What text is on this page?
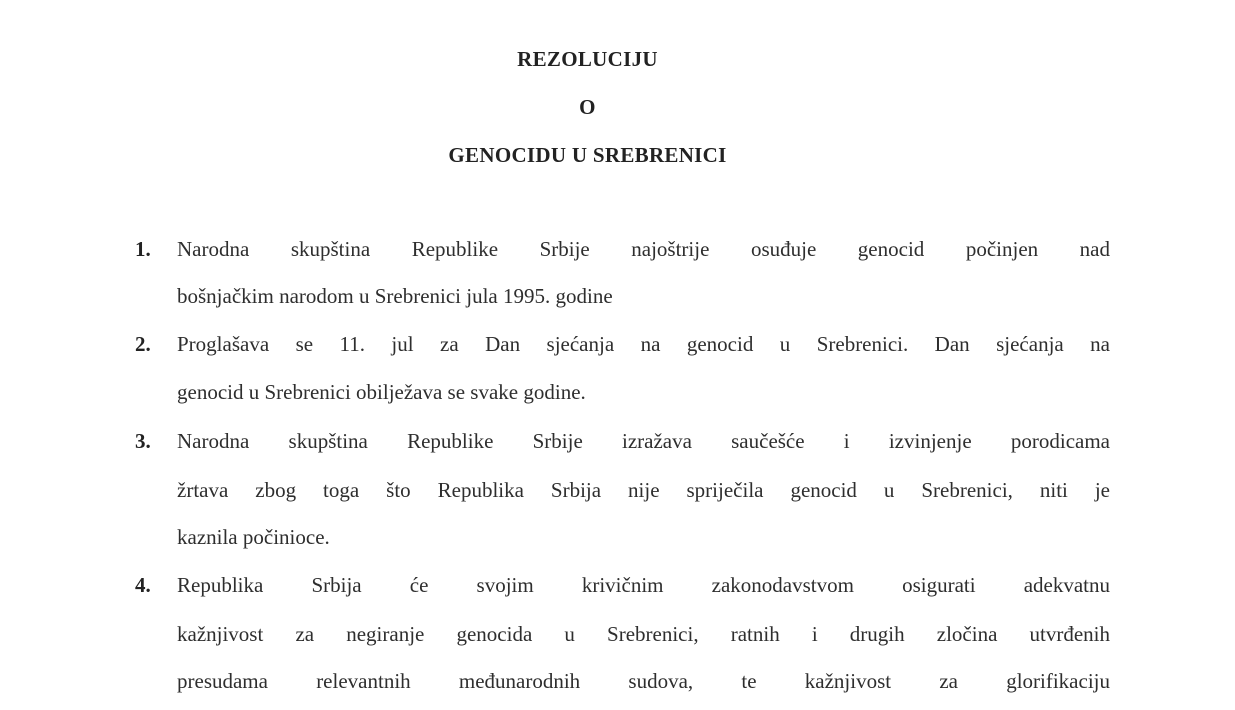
REZOLUCIJU
O
GENOCIDU U SREBRENICI
1. Narodna skupština Republike Srbije najoštrije osuđuje genocid počinjen nad
bošnjačkim narodom u Srebrenici jula 1995. godine
2. Proglašava se 11. jul za Dan sjećanja na genocid u Srebrenici. Dan sjećanja na
genocid u Srebrenici obilježava se svake godine.
3. Narodna skupština Republike Srbije izražava saučešće i izvinjenje porodicama
žrtava zbog toga što Republika Srbija nije spriječila genocid u Srebrenici, niti je
kaznila počinioce.
4. Republika Srbija će svojim krivičnim zakonodavstvom osigurati adekvatnu
kažnjivost za negiranje genocida u Srebrenici, ratnih i drugih zločina utvrđenih
presudama relevantnih međunarodnih sudova, te kažnjivost za glorifikaciju
